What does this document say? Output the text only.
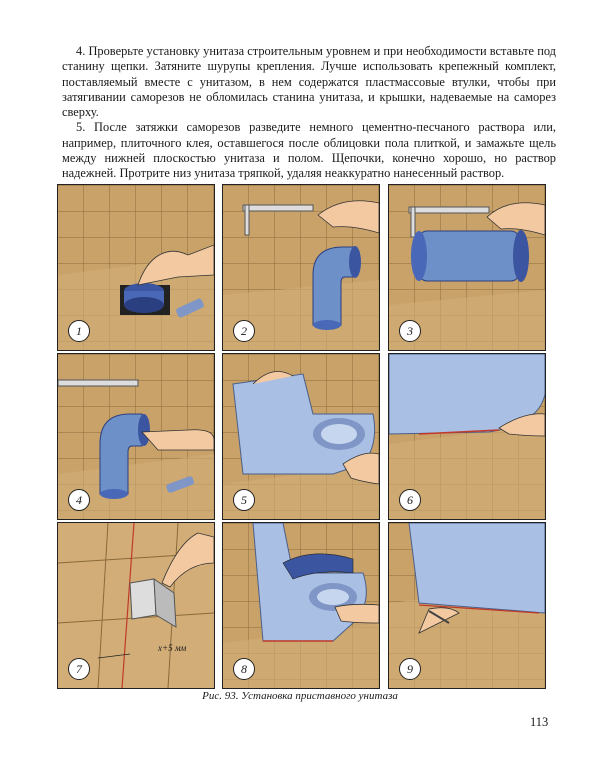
4. Проверьте установку унитаза строительным уровнем и при необходимости вставьте под станину щепки. Затяните шурупы крепления. Лучше использовать крепежный комплект, поставляемый вместе с унитазом, в нем содержатся пластмассовые втулки, чтобы при затягивании саморезов не обломилась станина унитаза, и крышки, надеваемые на саморез сверху.

5. После затяжки саморезов разведите немного цементно-песчаного раствора или, например, плиточного клея, оставшегося после облицовки пола плиткой, и замажьте щель между нижней плоскостью унитаза и полом. Щепочки, конечно хорошо, но раствор надежней. Протрите низ унитаза тряпкой, удаляя неаккуратно нанесенный раствор.

1	2	3
4	5	6
x+5 мм
7	8	9
Рис. 93. Установка приставного унитаза
113
